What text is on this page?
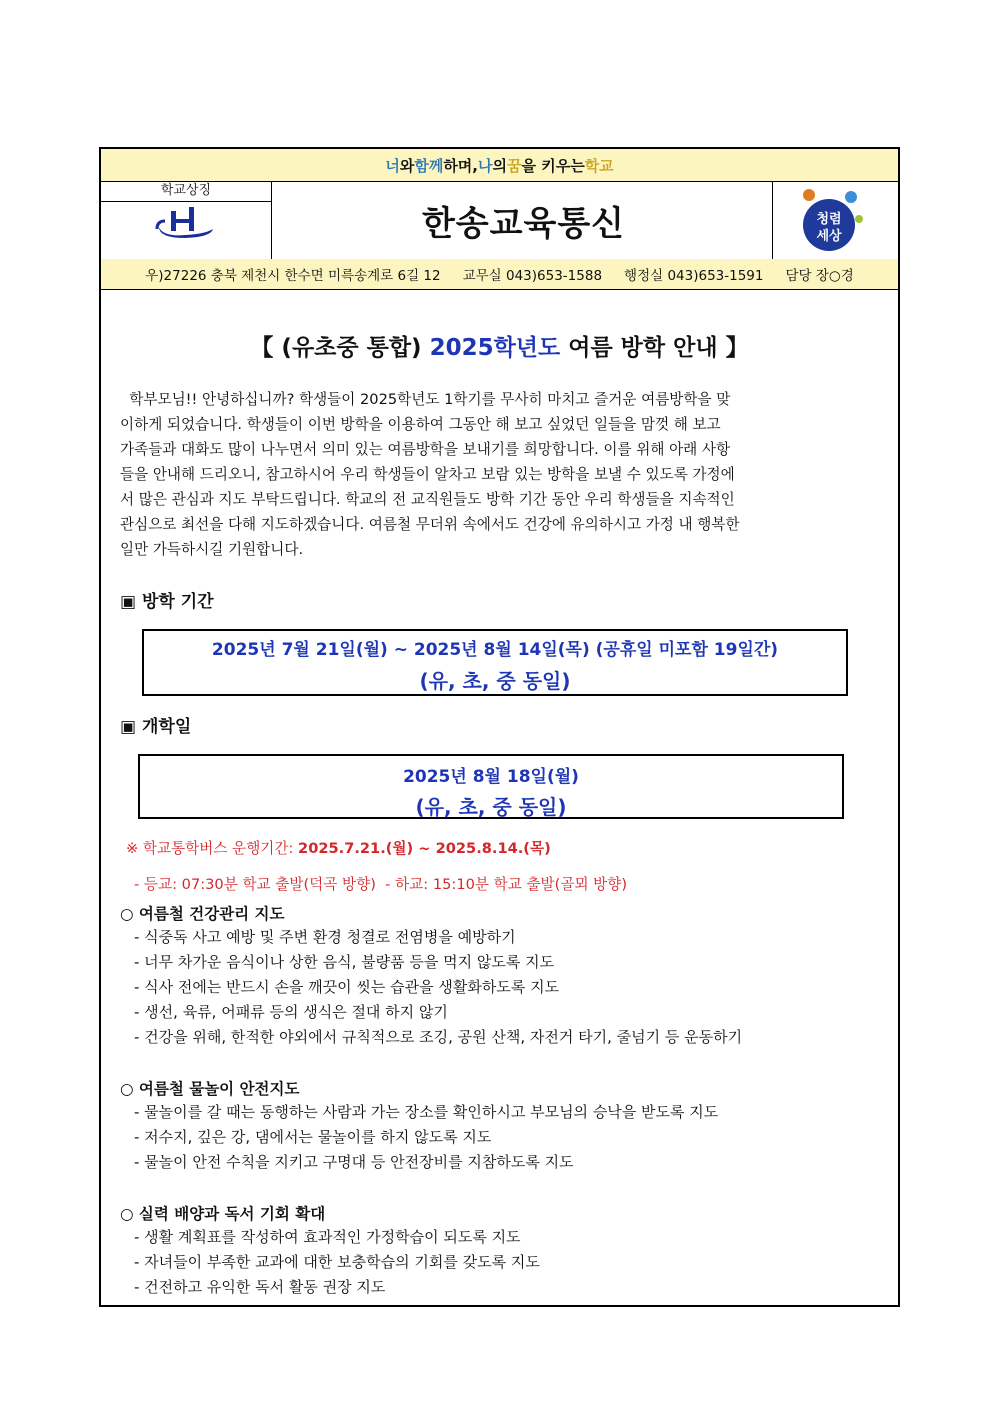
너 와 함께 하며, 나 의 꿈 을 키우는 학교
학교상징
한송교육통신	청렴
세상
우)27226 충북 제천시 한수면 미륵송계로 6길 12 교무실 043)653-1588 행정실 043)653-1591 담당 장○경
【 (유초중 통합) 2025학년도 여름 방학 안내 】
학부모님!! 안녕하십니까? 학생들이 2025학년도 1학기를 무사히 마치고 즐거운 여름방학을 맞
이하게 되었습니다. 학생들이 이번 방학을 이용하여 그동안 해 보고 싶었던 일들을 맘껏 해 보고
가족들과 대화도 많이 나누면서 의미 있는 여름방학을 보내기를 희망합니다. 이를 위해 아래 사항
들을 안내해 드리오니, 참고하시어 우리 학생들이 알차고 보람 있는 방학을 보낼 수 있도록 가정에
서 많은 관심과 지도 부탁드립니다. 학교의 전 교직원들도 방학 기간 동안 우리 학생들을 지속적인
관심으로 최선을 다해 지도하겠습니다. 여름철 무더위 속에서도 건강에 유의하시고 가정 내 행복한
일만 가득하시길 기원합니다.
▣ 방학 기간
2025년 7월 21일(월) ~ 2025년 8월 14일(목) (공휴일 미포함 19일간)
(유, 초, 중 동일)
▣ 개학일
2025년 8월 18일(월)
(유, 초, 중 동일)
※ 학교통학버스 운행기간: 2025.7.21.(월) ~ 2025.8.14.(목)
- 등교: 07:30분 학교 출발(덕곡 방향)  - 하교: 15:10분 학교 출발(골뫼 방향)
○ 여름철 건강관리 지도
- 식중독 사고 예방 및 주변 환경 청결로 전염병을 예방하기
- 너무 차가운 음식이나 상한 음식, 불량품 등을 먹지 않도록 지도
- 식사 전에는 반드시 손을 깨끗이 씻는 습관을 생활화하도록 지도
- 생선, 육류, 어패류 등의 생식은 절대 하지 않기
- 건강을 위해, 한적한 야외에서 규칙적으로 조깅, 공원 산책, 자전거 타기, 줄넘기 등 운동하기
○ 여름철 물놀이 안전지도
- 물놀이를 갈 때는 동행하는 사람과 가는 장소를 확인하시고 부모님의 승낙을 받도록 지도
- 저수지, 깊은 강, 댐에서는 물놀이를 하지 않도록 지도
- 물놀이 안전 수칙을 지키고 구명대 등 안전장비를 지참하도록 지도
○ 실력 배양과 독서 기회 확대
- 생활 계획표를 작성하여 효과적인 가정학습이 되도록 지도
- 자녀들이 부족한 교과에 대한 보충학습의 기회를 갖도록 지도
- 건전하고 유익한 독서 활동 권장 지도
